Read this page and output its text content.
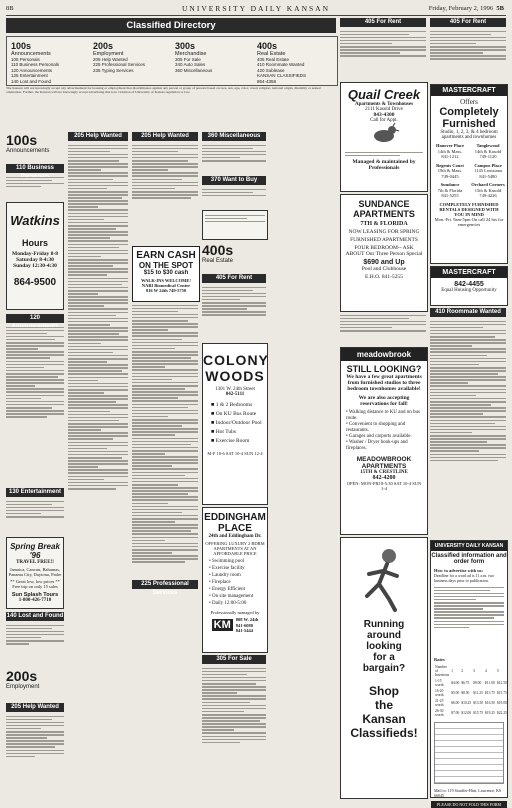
8B	UNIVERSITY DAILY KANSAN	Friday, February 2, 1996 5B
Classified Directory
100s
Announcements
105 Personals
110 Business Personals
120 Announcements
125 Entertainment
140 Lost and Found
200s
Employment
205 Help Wanted
225 Professional Services
235 Typing Services
300s
Merchandise
305 For Sale
340 Auto Sales
360 Miscellaneous
400s
Real Estate
405 Real Estate
410 Roommate Wanted
420 Sublease
KANSAN CLASSIFIEDS
864-4358
The Kansan will not knowingly accept any advertisement for housing or employment that discriminates against any person or group of persons based on race, sex, age, color, creed, religion, national origin, disability or sexual orientation. Further, the Kansan will not knowingly accept advertising that is in violation of University of Kansas regulation or law.
100s
Announcements
110 Business
Watkins
Hours
Monday-Friday 8-8
Saturday 8-4:30
Sunday 12:30-4:30
864-9500
120
130 Entertainment
Spring Break '96
TRAVEL FREE!!
Jamaica, Cancun, Bahamas, Panama City, Daytona, Padre
** Great low, low prices ** Free trip on only 15 sales
Sun Splash Tours
1-800-426-7710
140 Lost and Found
200s
Employment
205 Help Wanted
205 Help Wanted	205 Help Wanted
EARN CASH
ON THE SPOT
$15 to $30 cash
WALK-INS WELCOME!
NABI Biomedical Center
816 W 24th 749-5750
360 Miscellaneous
370 Want to Buy
400s
Real Estate
405 For Rent
COLONY WOODS
1301 W. 24th Street
842-5111
■ 1 & 2 Bedrooms
■ On KU Bus Route
■ Indoor/Outdoor Pool
■ Hot Tubs
■ Exercise Room
M-F 10-6 SAT 10-4 SUN 12-4
EDDINGHAM PLACE
24th and Eddingham Dr.
OFFERING LUXURY 2 BDRM APARTMENTS AT AN AFFORDABLE PRICE
• Swimming pool
• Exercise facility
• Laundry room
• Fireplace
• Energy Efficient
• On site management
• Daily 12:00-5:00
Professionally managed by
KM	808 W. 24th
841-6080
841-5444
305 For Sale
225 Professional Services
405 For Rent
Quail Creek
Apartments & Townhouses
2111 Kasold Drive
843-4300
Call for Appt.
Managed & maintained by Professionals
SUNDANCE APARTMENTS
7TH & FLORIDA
NOW LEASING FOR SPRING
FURNISHED APARTMENTS
FOUR BEDROOM-- ASK ABOUT Our Three Person Special
$690 and Up
Pool and Clubhouse
E.H.O. 841-5255
meadowbrook
STILL LOOKING?
We have a few great apartments from furnished studios to three bedroom townhomes available!
We are also accepting reservations for fall!
• Walking distance to KU and on bus route.
• Convenient to shopping and restaurants.
• Garages and carports available.
• Washer / Dryer hook-ups and fireplaces.
MEADOWBROOK APARTMENTS
15TH & CRESTLINE
842-4200
OPEN: MON-FRI 8-5:30 SAT 10-4 SUN 1-4
Running
around
looking
for a
bargain?
Shop
the
Kansan
Classifieds!
405 For Rent
MASTERCRAFT
Offers
Completely
Furnished
Studio, 1, 2, 3, & 4 bedroom apartments and townhomes
Hanover Place
14th & Mass.
841-1212
Tanglewood
14th & Kasold
749-1120
Regents Court
19th & Mass.
749-0445
Campus Place
1145 Louisiana
841-5480
Sundance
7th & Florida
841-5255
Orchard Corners
15th & Kasold
749-4226
COMPLETELY FURNISHED RENTALS DESIGNED WITH YOU IN MIND
Mon.-Fri. 9am-5pm On call 24 hrs for emergencies
MASTERCRAFT
842-4455
Equal Housing Opportunity
410 Roommate Wanted
UNIVERSITY DAILY KANSAN
Classified information and order form
How to advertise with us:
Deadline for a word ad is 11 a.m. two business days prior to publication.
Rates
Number of Insertions	1	2	3	4	5
1-15 words	$4.00	$6.75	$9.00	$11.00	$12.50
16-20 words	$5.00	$8.50	$11.25	$13.75	$15.75
21-25 words	$6.00	$10.25	$13.50	$16.50	$19.00
26-30 words	$7.00	$12.00	$15.75	$19.25	$22.25
Mail to: 119 Stauffer-Flint, Lawrence, KS 66045
PLEASE DO NOT FOLD THIS FORM
